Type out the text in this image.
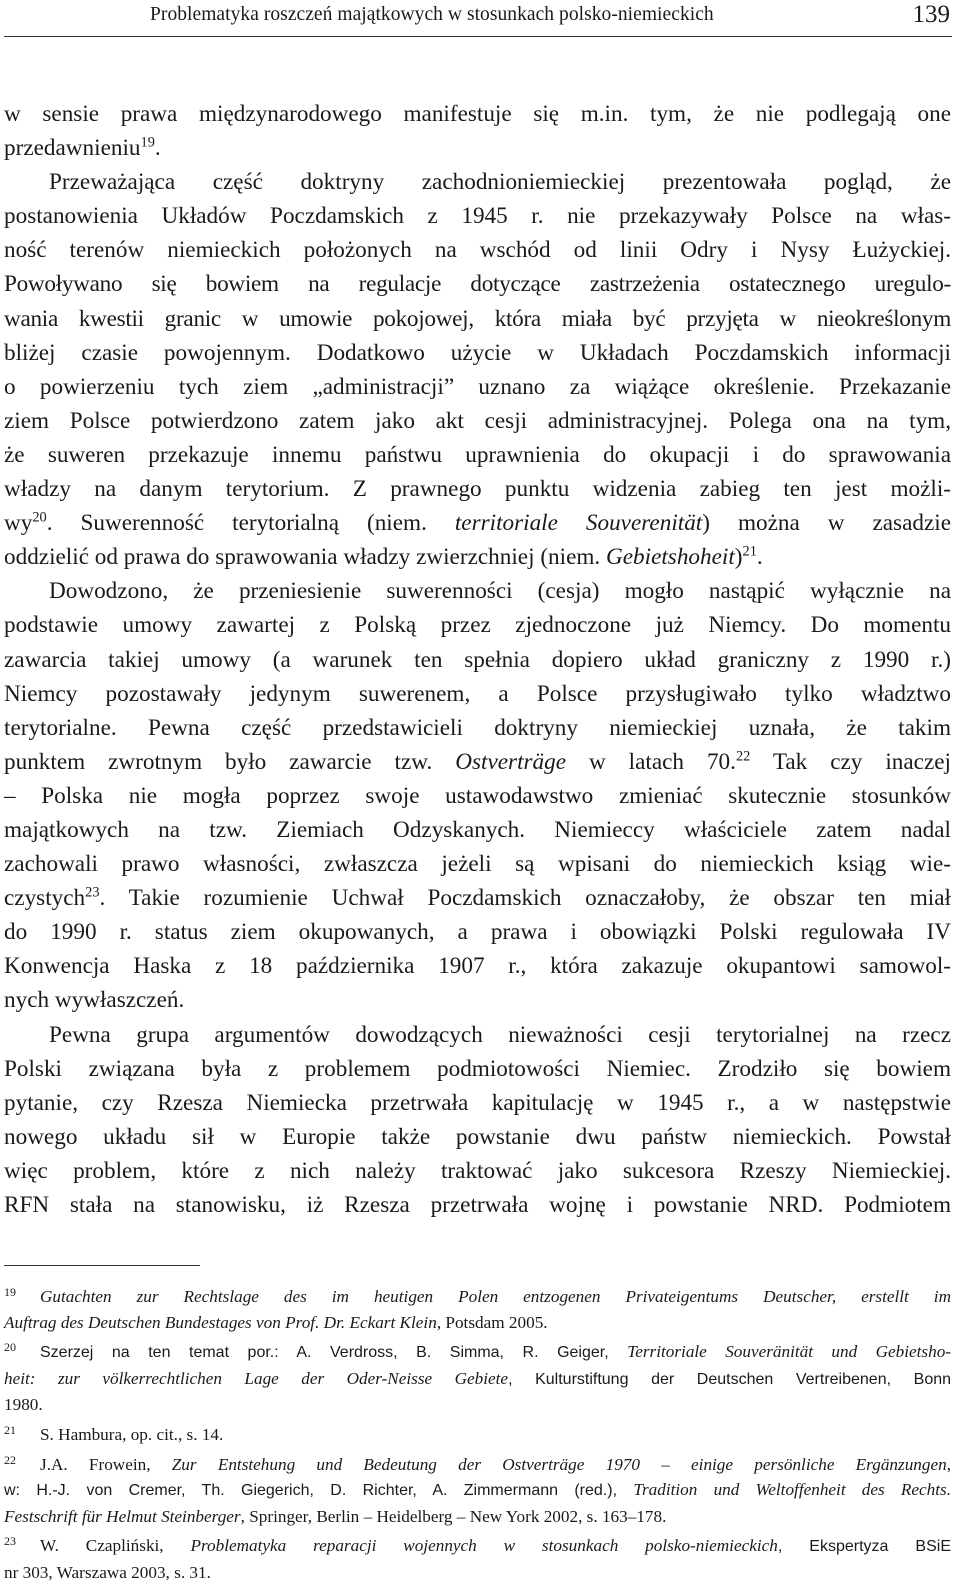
Problematyka roszczeń majątkowych w stosunkach polsko-niemieckich	139

w sensie prawa międzynarodowego manifestuje się m.in. tym, że nie podlegają one
przedawnieniu$^{19}$.

Przeważająca część doktryny zachodnioniemieckiej prezentowała pogląd, że
postanowienia Układów Poczdamskich z 1945 r. nie przekazywały Polsce na włas-
ność terenów niemieckich położonych na wschód od linii Odry i Nysy Łużyckiej.
Powoływano się bowiem na regulacje dotyczące zastrzeżenia ostatecznego uregulo-
wania kwestii granic w umowie pokojowej, która miała być przyjęta w nieokreślonym
bliżej czasie powojennym. Dodatkowo użycie w Układach Poczdamskich informacji
o powierzeniu tych ziem „administracji” uznano za wiążące określenie. Przekazanie
ziem Polsce potwierdzono zatem jako akt cesji administracyjnej. Polega ona na tym,
że suweren przekazuje innemu państwu uprawnienia do okupacji i do sprawowania
władzy na danym terytorium. Z prawnego punktu widzenia zabieg ten jest możli-
$wy^{20}$. Suwerenność terytorialną (niem. territoriale Souverenität) można w zasadzie
oddzielić od prawa do sprawowania władzy zwierzchniej (niem. Gebietshoheit)$^{21}$.

Dowodzono, że przeniesienie suwerenności (cesja) mogło nastąpić wyłącznie na
podstawie umowy zawartej z Polską przez zjednoczone już Niemcy. Do momentu
zawarcia takiej umowy (a warunek ten spełnia dopiero układ graniczny z 1990 r.)
Niemcy pozostawały jedynym suwerenem, a Polsce przysługiwało tylko władztwo
terytorialne. Pewna część przedstawicieli doktryny niemieckiej uznała, że takim
punktem zwrotnym było zawarcie tzw. Ostverträge w latach 70.22 Tak czy inaczej
– Polska nie mogła poprzez swoje ustawodawstwo zmieniać skutecznie stosunków
majątkowych na tzw. Ziemiach Odzyskanych. Niemieccy właściciele zatem nadal
zachowali prawo własności, zwłaszcza jeżeli są wpisani do niemieckich ksiąg wie-
czystych$^{23}$. Takie rozumienie Uchwał Poczdamskich oznaczałoby, że obszar ten miał
do 1990 r. status ziem okupowanych, a prawa i obowiązki Polski regulowała IV
Konwencja Haska z 18 października 1907 r., która zakazuje okupantowi samowol-
nych wywłaszczeń.

Pewna grupa argumentów dowodzących nieważności cesji terytorialnej na rzecz
Polski związana była z problemem podmiotowości Niemiec. Zrodziło się bowiem
pytanie, czy Rzesza Niemiecka przetrwała kapitulację w 1945 r., a w następstwie
nowego układu sił w Europie także powstanie dwu państw niemieckich. Powstał
więc problem, które z nich należy traktować jako sukcesora Rzeszy Niemieckiej.
RFN stała na stanowisku, iż Rzesza przetrwała wojnę i powstanie NRD. Podmiotem

19 Gutachten zur Rechtslage des im heutigen Polen entzogenen Privateigentums Deutscher, erstellt im
Auftrag des Deutschen Bundestages von Prof. Dr. Eckart Klein, Potsdam 2005.
20 Szerzej na ten temat por.: A. Verdross, B. Simma, R. Geiger, Territoriale Souveränität und Gebietsho-
heit: zur völkerrechtlichen Lage der Oder-Neisse Gebiete, Kulturstiftung der Deutschen Vertreibenen, Bonn
1980.
21 S. Hambura, op. cit., s. 14.
22 J.A. Frowein, Zur Entstehung und Bedeutung der Ostverträge 1970 – einige persönliche Ergänzungen,
w: H.-J. von Cremer, Th. Giegerich, D. Richter, A. Zimmermann (red.), Tradition und Weltoffenheit des Rechts.
Festschrift für Helmut Steinberger, Springer, Berlin – Heidelberg – New York 2002, s. 163–178.
23 W. Czapliński, Problematyka reparacji wojennych w stosunkach polsko-niemieckich, Ekspertyza BSiE
nr 303, Warszawa 2003, s. 31.
